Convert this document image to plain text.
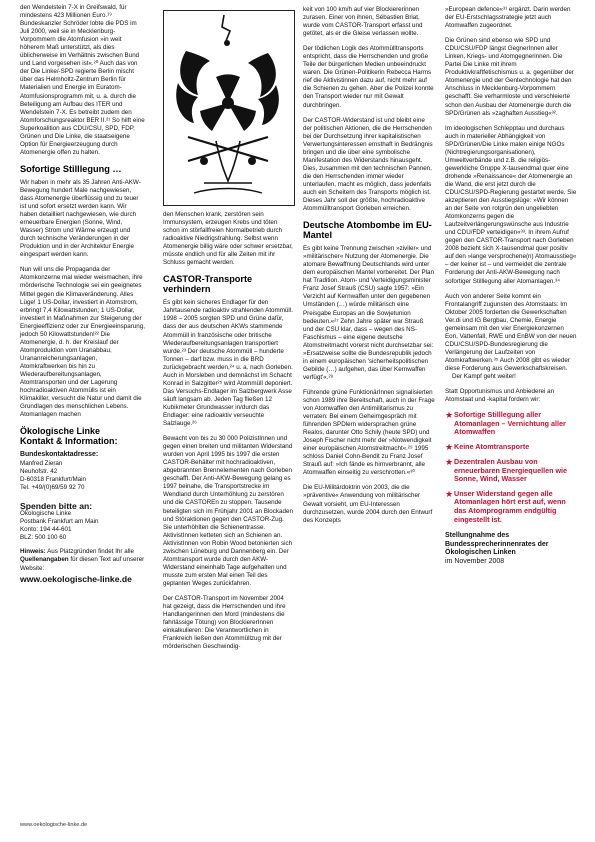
den Wendelstein 7-X in Greifswald, für mindestens 423 Millionen Euro.¹⁹ Bundeskanzler Schröder lobte die PDS im Juli 2000, weil sie in Mecklenburg-Vorpommern die Atomfusion »in weit höherem Maß unterstützt, als dies üblicherweise im Verhältnis zwischen Bund und Land vorgesehen ist«.²⁰ Auch das von der Die Linke/-SPD regierte Berlin mischt über das Helmholtz-Zentrum Berlin für Materialien und Energie im Euratom-Atomfusionsprogramm mit, u. a. durch die Beteiligung am Aufbau des ITER und Wendelstein 7-X. Es betreibt zudem den Atomforschungsreaktor BER II.²¹ So hilft eine Superkoalition aus CDU/CSU, SPD, FDP, Grünen und Die Linke, die staatseigene Option für Energieerzeugung durch Atomenergie offen zu halten.

Sofortige Stilllegung …

Wir haben in mehr als 35 Jahren Anti-AKW-Bewegung hundert Male nachgewiesen, dass Atomenergie überflüssig und zu teuer ist und sofort ersetzt werden kann. Wir haben detailliert nachgewiesen, wie durch erneuerbare Energien (Sonne, Wind, Wasser) Strom und Wärme erzeugt und durch technische Veränderungen in der Produktion und in der Architektur Energie eingespart werden kann.

Nun will uns die Propaganda der Atomkonzerne mal wieder weismachen, ihre mörderische Technologie sei ein geeignetes Mittel gegen die Klimaveränderung. Alles Lüge! 1 US-Dollar, investiert in Atomstrom, erbringt 7,4 Kilowattstunden; 1 US-Dollar, investiert in Maßnahmen zur Steigerung der Energieeffizienz oder zur Energieeinsparung, jedoch 50 Kilowattstunden!²² Die Atomenergie, d. h. der Kreislauf der Atomproduktion vom Uranabbau, Urananreicherungsanlagen, Atomkraftwerken bis hin zu Wiederaufbereitungsanlagen, Atomtransporten und der Lagerung hochradioaktiven Atommülls ist ein Klimakiller, versucht die Natur und damit die Grundlagen des menschlichen Lebens. Atomanlagen machen

Ökologische Linke
Kontakt & Information:
Bundeskontaktadresse:
Manfred Zieran
Neuhofstr. 42
D-60318 Frankfurt/Main
Tel. +49/(0)69/59 92 70
Spenden bitte an:
Ökologische Linke
Postbank Frankfurt am Main
Konto: 194 44-601
BLZ: 500 100 60

Hinweis: Aus Platzgründen findet Ihr alle Quellenangaben für diesen Text auf unserer Website:

www.oekologische-linke.de

den Menschen krank, zerstören sein Immunsystem, erzeugen Krebs und töten schon im störfallfreien Normalbetrieb durch radioaktive Niedrigstrahlung. Selbst wenn Atomenergie billig wäre oder schwer ersetzbar, müsste endlich und für alle Zeiten mit ihr Schluss gemacht werden.

CASTOR-Transporte verhindern

Es gibt kein sicheres Endlager für den Jahrtausende radioaktiv strahlenden Atommüll. 1998 – 2005 sorgten SPD und Grüne dafür, dass der aus deutschen AKWs stammende Atommüll in französische oder britische Wiederaufbereitungsanlagen transportiert wurde.²³ Der deutsche Atommüll – hunderte Tonnen – darf bzw. muss in die BRD zurückgebracht werden,²⁴ u. a. nach Gorleben. Auch in Morsleben und demnächst im Schacht Konrad in Salzgitter²⁵ wird Atommüll deponiert. Das Versuchs-Endlager im Salzbergwerk Asse säuft langsam ab. Jeden Tag fließen 12 Kubikmeter Grundwasser in/durch das Endlager: eine radioaktiv verseuchte Salzlauge.²⁶

Bewacht von bis zu 30 000 PolizistInnen und gegen einen breiten und militanten Widerstand wurden von April 1995 bis 1997 die ersten CASTOR-Behälter mit hochradioaktiven, abgebrannten Brennelementen nach Gorleben geschafft. Der Anti-AKW-Bewegung gelang es 1997 beinahe, die Transportstrecke im Wendland durch Unterhöhlung zu zerstören und die CASTOREn zu stoppen. Tausende beteiligten sich im Frühjahr 2001 an Blockaden und Störaktionen gegen den CASTOR-Zug. Sie unterhöhlten die Schienentrasse. AktivistInnen ketteten sich an Schienen an. AktivistInnen von Robin Wood betonierten sich zwischen Lüneburg und Dannenberg ein. Der Atomtransport wurde durch den AKW-Widerstand eineinhalb Tage aufgehalten und musste zum ersten Mal einen Teil des geplanten Weges zurückfahren.

Der CASTOR-Transport im November 2004 hat gezeigt, dass die Herrschenden und ihre Handlangerinnen den Mord (mindestens die fahrlässige Tötung) von BlockiererInnen einkalkulieren: Die Verantwortlichen in Frankreich ließen den Atommüllzug mit der mörderischen Geschwindig-

keit von 100 km/h auf vier Blockiererinnen zurasen. Einer von ihnen, Sébastien Briat, wurde vom CASTOR-Transport erfasst und getötet, als er die Gleise verlassen wollte.

Der tödlichen Logik des Atommülltransports entspricht, dass die Herrschenden und große Teile der bürgerlichen Medien unbeeindruckt waren. Die Grünen-Politikerin Rebecca Harms rief die Aktivistinnen dazu auf, nicht mehr auf die Schienen zu gehen. Aber die Polizei konnte den Transport wieder nur mit Gewalt durchbringen.

Der CASTOR-Widerstand ist und bleibt eine der politischen Aktionen, die die Herrschenden bei der Durchsetzung ihrer kapitalistischen Verwertungsinteressen ernsthaft in Bedrängnis bringen und die über eine symbolische Manifestation des Widerstands hinausgeht. Dies, zusammen mit den technischen Pannen, die den Herrschenden immer wieder unterlaufen, macht es möglich, dass jedenfalls auch ein Scheitern des Transports möglich ist. Dieses Jahr soll der größte, hochradioaktive Atommülltransport Gorleben erreichen.

Deutsche Atombombe im EU-Mantel

Es gibt keine Trennung zwischen »ziviler« und »militärischer« Nutzung der Atomenergie. Die atomare Bewaffnung Deutschlands wird unter dem europäischen Mantel vorbereitet. Der Plan hat Tradition. Atom- und Verteidigungsminister Franz Josef Strauß (CSU) sagte 1957: »Ein Verzicht auf Kernwaffen unter den gegebenen Umständen (…) würde militärisch eine Preisgabe Europas an die Sowjetunion bedeuten.«²⁷ Zehn Jahre später war Strauß und der CSU klar, dass – wegen des NS-Faschismus – eine eigene deutsche Atomstreitmacht vorerst nicht durchsetzbar sei: »Ersatzweise sollte die Bundesrepublik jedoch in einem europäischen 'sicherheitspolitischen Gebilde (…) aufgehen, das über Kernwaffen verfügt'«.²⁸

Führende grüne FunktionärInnen signalisierten schon 1989 ihre Bereitschaft, auch in der Frage von Atomwaffen den Antimilitarismus zu verraten: Bei einem Geheimgespräch mit führenden SPDlern widersprachen grüne Realos, darunter Otto Schily (heute SPD) und Joseph Fischer nicht mehr der »Notwendigkeit einer europäischen Atomstreitmacht«.²⁹ 1995 schloss Daniel Cohn-Bendit zu Franz Josef Strauß auf: »Ich fände es hirnverbrannt, alle Atomwaffen einseitig zu verschrotten.«³⁰

Die EU-Militärdoktrin von 2003, die die »präventive« Anwendung von militärischer Gewalt vorsieht, um EU-Interessen durchzusetzen, wurde 2004 durch den Entwurf des Konzepts

»European defence«³¹ ergänzt. Darin werden der EU-Erstschlagsstrategie jetzt auch Atomwaffen zugeordnet.

Die Grünen sind ebenso wie SPD und CDU/CSU/FDP längst GegnerInnen aller Linken, Kriegs- und Atomgegnerinnen. Die Partei Die Linke mit ihrem Produktivkraftfetischismus u. a. gegenüber der Atomenergie und der Gentechnologie hat den Anschluss in Mecklenburg-Vorpommern geschafft. Sie verharmloste und verschleierte schon den Ausbau der Atomenergie durch die SPD/Grünen als »zaghaften Ausstieg«³².

Im ideologischen Schlepptau und durchaus auch in materieller Abhängigkeit von SPD/Grünen/Die Linke malen einige NGOs (Nichtregierungsorganisationen), Umweltverbände und z.B. die religiös-gewerkliche Gruppe X-tausendmal quer eine drohende »Renaissance« der Atomenergie an die Wand, die erst jetzt durch die CDU/CSU/SPD-Regierung gestartet werde. Sie akzeptieren den Ausstiegslüge: »Wir können an der Seite von rotgrün den ungeliebten Atomkonzerns gegen die Laufzeitverlängerungswünsche aus Industrie und CDU/FDP verteidigen«³³. In ihrem Aufruf gegen den CASTOR-Transport nach Gorleben 2008 bezieht sich X-tausendmal quer positiv auf den »lange versprochene(n) Atomausstieg« – der keiner ist – und vermeidet die zentrale Forderung der Anti-AKW-Bewegung nach sofortiger Stilllegung aller Atomanlagen.³⁴

Auch von anderer Seite kommt ein Frontalangriff zugunsten des Atomstaats: Im Oktober 2005 forderten die Gewerkschaften Ver.di und IG Bergbau, Chemie, Energie gemeinsam mit den vier Energiekonzernen Eon, Vattenfall, RWE und EnBW von der neuen CDU/CSU/SPD-Bundesregierung die Verlängerung der Laufzeiten von Atomkraftwerken.³⁵ Auch 2008 gibt es wieder diese Forderung aus Gewerkschaftskreisen.

Der Kampf geht weiter!

Statt Opportunismus und Anbiederei an Atomstaat und -kapital fordern wir:

★ Sofortige Stilllegung aller Atomanlagen – Vernichtung aller Atomwaffen
★ Keine Atomtransporte
★ Dezentralen Ausbau von erneuerbaren Energiequellen wie Sonne, Wind, Wasser
★ Unser Widerstand gegen alle Atomanlagen hört erst auf, wenn das Atomprogramm endgültig eingestellt ist.
Stellungnahme des Bundessprecherinnenrates der Ökologischen Linken
im November 2008
www.oekologische-linke.de
